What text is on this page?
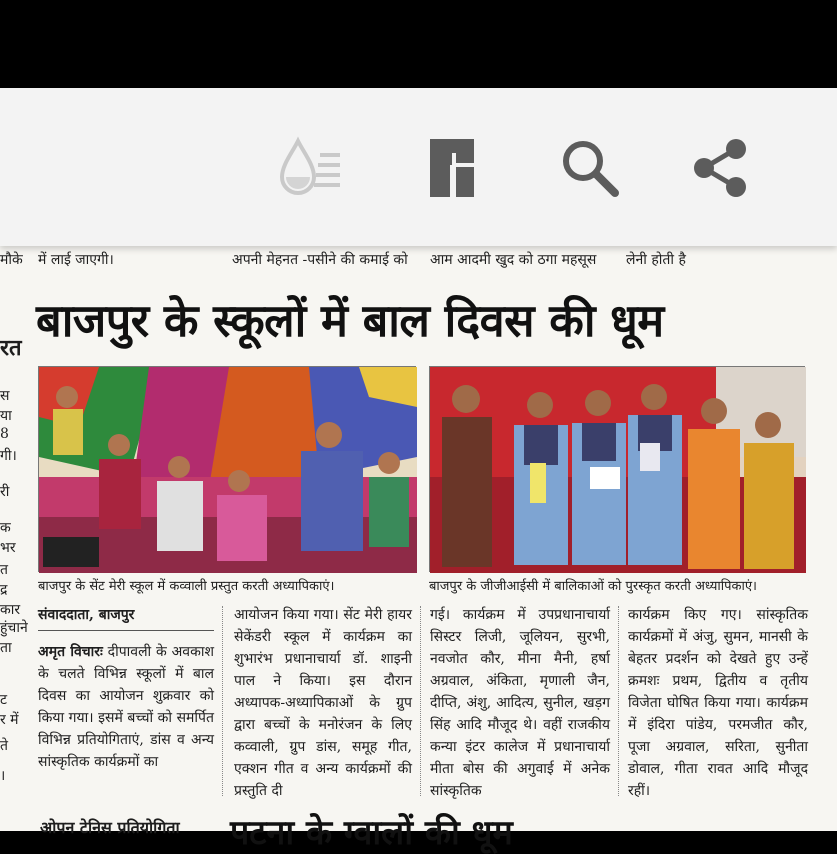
मौके में लाई जाएगी।	अपनी मेहनत -पसीने की कमाई को आम आदमी खुद को ठगा महसूस लेनी होती है
रत
स
या
8
गी।
री
क
भर
त
द्र
कार
हुंचाने
ता
ट
र में
ते
।
बाजपुर के स्कूलों में बाल दिवस की धूम
बाजपुर के सेंट मेरी स्कूल में कव्वाली प्रस्तुत करती अध्यापिकाएं।	बाजपुर के जीजीआईसी में बालिकाओं को पुरस्कृत करती अध्यापिकाएं।

संवाददाता, बाजपुर

अमृत विचारः दीपावली के अवकाश के चलते विभिन्न स्कूलों में बाल दिवस का आयोजन शुक्रवार को किया गया। इसमें बच्चों को समर्पित विभिन्न प्रतियोगिताएं, डांस व अन्य सांस्कृतिक कार्यक्रमों का

आयोजन किया गया। सेंट मेरी हायर सेकेंडरी स्कूल में कार्यक्रम का शुभारंभ प्रधानाचार्या डॉ. शाइनी पाल ने किया। इस दौरान अध्यापक-अध्यापिकाओं के ग्रुप द्वारा बच्चों के मनोरंजन के लिए कव्वाली, ग्रुप डांस, समूह गीत, एक्शन गीत व अन्य कार्यक्रमों की प्रस्तुति दी

गई। कार्यक्रम में उपप्रधानाचार्या सिस्टर लिजी, जूलियन, सुरभी, नवजोत कौर, मीना मैनी, हर्षा अग्रवाल, अंकिता, मृणाली जैन, दीप्ति, अंशु, आदित्य, सुनील, खड़ग सिंह आदि मौजूद थे। वहीं राजकीय कन्या इंटर कालेज में प्रधानाचार्या मीता बोस की अगुवाई में अनेक सांस्कृतिक

कार्यक्रम किए गए। सांस्कृतिक कार्यक्रमों में अंजु, सुमन, मानसी के बेहतर प्रदर्शन को देखते हुए उन्हें क्रमशः प्रथम, द्वितीय व तृतीय विजेता घोषित किया गया। कार्यक्रम में इंदिरा पांडेय, परमजीत कौर, पूजा अग्रवाल, सरिता, सुनीता डोवाल, गीता रावत आदि मौजूद रहीं।

ओपन टेनिस प्रतियोगिता पटना के ग्वालों की धूम
